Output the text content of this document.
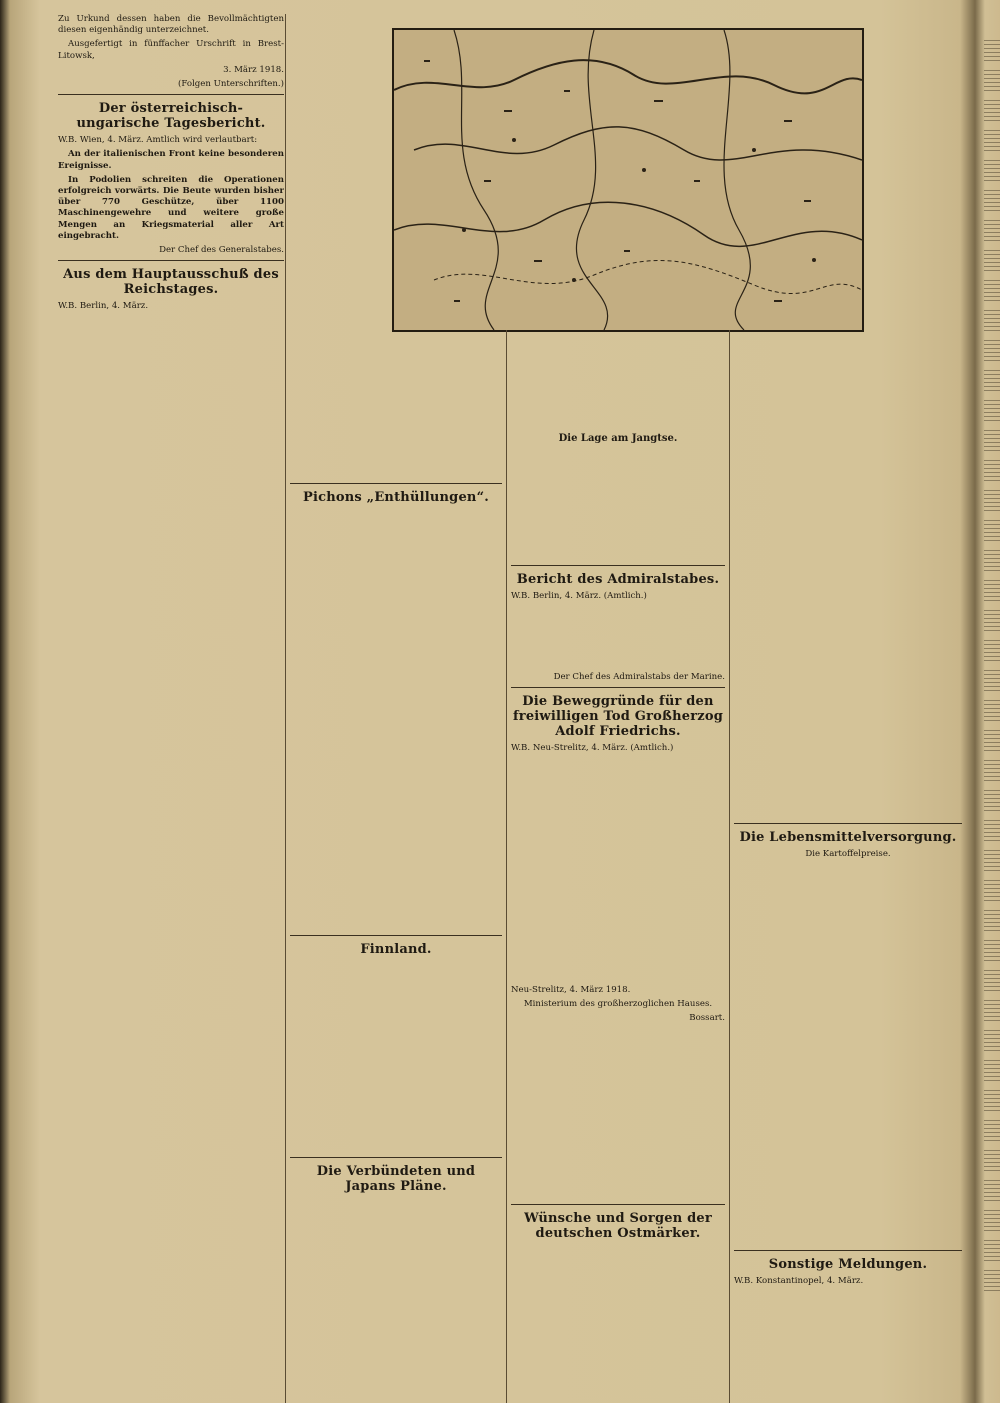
Zu Urkund dessen haben die Bevollmächtigten diesen eigenhändig unterzeichnet.

Ausgefertigt in fünffacher Urschrift in Brest-Litowsk,

3. März 1918.

(Folgen Unterschriften.)

Der österreichisch-ungarische Tagesbericht.

W.B. Wien, 4. März. Amtlich wird verlautbart:

An der italienischen Front keine besonderen Ereignisse.

In Podolien schreiten die Operationen erfolgreich vorwärts. Die Beute wurden bisher über 770 Geschütze, über 1100 Maschinengewehre und weitere große Mengen an Kriegsmaterial aller Art eingebracht.

Der Chef des Generalstabes.

Aus dem Hauptausschuß des Reichstages.

W.B. Berlin, 4. März.

Pichons „Enthüllungen“.
Finnland.
Die Verbündeten und Japans Pläne.
Die Lage am Jangtse.
Bericht des Admiralstabes.

W.B. Berlin, 4. März. (Amtlich.)

Der Chef des Admiralstabs der Marine.

Die Beweggründe für den freiwilligen Tod Großherzog Adolf Friedrichs.

W.B. Neu-Strelitz, 4. März. (Amtlich.)

Neu-Strelitz, 4. März 1918.

Ministerium des großherzoglichen Hauses.

Bossart.

Wünsche und Sorgen der deutschen Ostmärker.
Die Lebensmittelversorgung.

Die Kartoffelpreise.

Sonstige Meldungen.

W.B. Konstantinopel, 4. März.
